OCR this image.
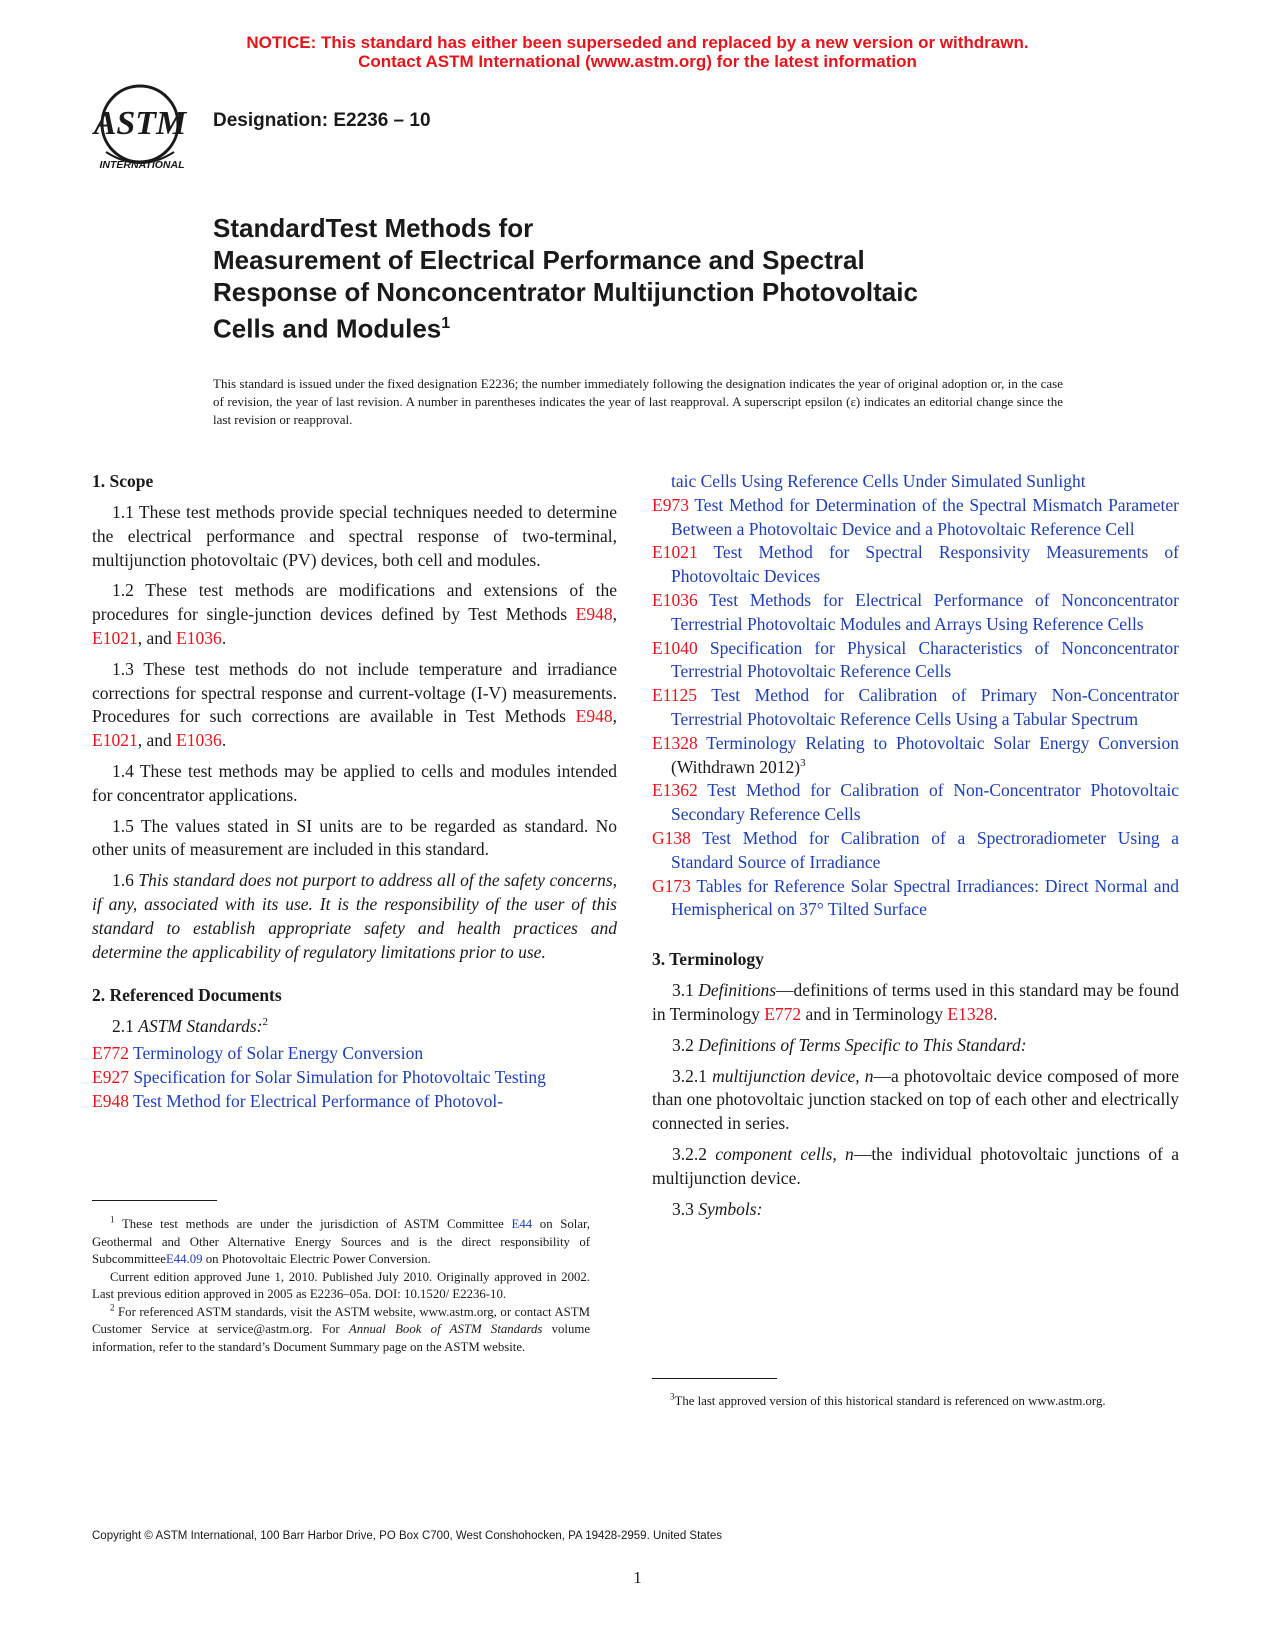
NOTICE: This standard has either been superseded and replaced by a new version or withdrawn.
Contact ASTM International (www.astm.org) for the latest information
ASTM
INTERNATIONAL
Designation: E2236 – 10
StandardTest Methods for
Measurement of Electrical Performance and Spectral
Response of Nonconcentrator Multijunction Photovoltaic
Cells and Modules$^1$

This standard is issued under the fixed designation E2236; the number immediately following the designation indicates the year of original adoption or, in the case of revision, the year of last revision. A number in parentheses indicates the year of last reapproval. A superscript epsilon (ε) indicates an editorial change since the last revision or reapproval.

1. Scope

1.1 These test methods provide special techniques needed to determine the electrical performance and spectral response of two-terminal, multijunction photovoltaic (PV) devices, both cell and modules.

1.2 These test methods are modifications and extensions of the procedures for single-junction devices defined by Test Methods E948, E1021, and E1036.

1.3 These test methods do not include temperature and irradiance corrections for spectral response and current-voltage (I-V) measurements. Procedures for such corrections are available in Test Methods E948, E1021, and E1036.

1.4 These test methods may be applied to cells and modules intended for concentrator applications.

1.5 The values stated in SI units are to be regarded as standard. No other units of measurement are included in this standard.

1.6 This standard does not purport to address all of the safety concerns, if any, associated with its use. It is the responsibility of the user of this standard to establish appropriate safety and health practices and determine the applicability of regulatory limitations prior to use.

2. Referenced Documents

2.1 ASTM Standards:$^2$

E772 Terminology of Solar Energy Conversion

E927 Specification for Solar Simulation for Photovoltaic Testing

E948 Test Method for Electrical Performance of Photovol-

$^1$ These test methods are under the jurisdiction of ASTM Committee E44 on Solar, Geothermal and Other Alternative Energy Sources and is the direct responsibility of SubcommitteeE44.09 on Photovoltaic Electric Power Conversion.

Current edition approved June 1, 2010. Published July 2010. Originally approved in 2002. Last previous edition approved in 2005 as E2236–05a. DOI: 10.1520/ E2236-10.

$^2$ For referenced ASTM standards, visit the ASTM website, www.astm.org, or contact ASTM Customer Service at service@astm.org. For Annual Book of ASTM Standards volume information, refer to the standard’s Document Summary page on the ASTM website.

taic Cells Using Reference Cells Under Simulated Sunlight

E973 Test Method for Determination of the Spectral Mismatch Parameter Between a Photovoltaic Device and a Photovoltaic Reference Cell

E1021 Test Method for Spectral Responsivity Measurements of Photovoltaic Devices

E1036 Test Methods for Electrical Performance of Nonconcentrator Terrestrial Photovoltaic Modules and Arrays Using Reference Cells

E1040 Specification for Physical Characteristics of Nonconcentrator Terrestrial Photovoltaic Reference Cells

E1125 Test Method for Calibration of Primary Non-Concentrator Terrestrial Photovoltaic Reference Cells Using a Tabular Spectrum

E1328 Terminology Relating to Photovoltaic Solar Energy Conversion (Withdrawn 2012)$^3$

E1362 Test Method for Calibration of Non-Concentrator Photovoltaic Secondary Reference Cells

G138 Test Method for Calibration of a Spectroradiometer Using a Standard Source of Irradiance

G173 Tables for Reference Solar Spectral Irradiances: Direct Normal and Hemispherical on 37° Tilted Surface

3. Terminology

3.1 Definitions—definitions of terms used in this standard may be found in Terminology E772 and in Terminology E1328.

3.2 Definitions of Terms Specific to This Standard:

3.2.1 multijunction device, n—a photovoltaic device composed of more than one photovoltaic junction stacked on top of each other and electrically connected in series.

3.2.2 component cells, n—the individual photovoltaic junctions of a multijunction device.

3.3 Symbols:

$^3$The last approved version of this historical standard is referenced on www.astm.org.

Copyright © ASTM International, 100 Barr Harbor Drive, PO Box C700, West Conshohocken, PA 19428-2959. United States
1
